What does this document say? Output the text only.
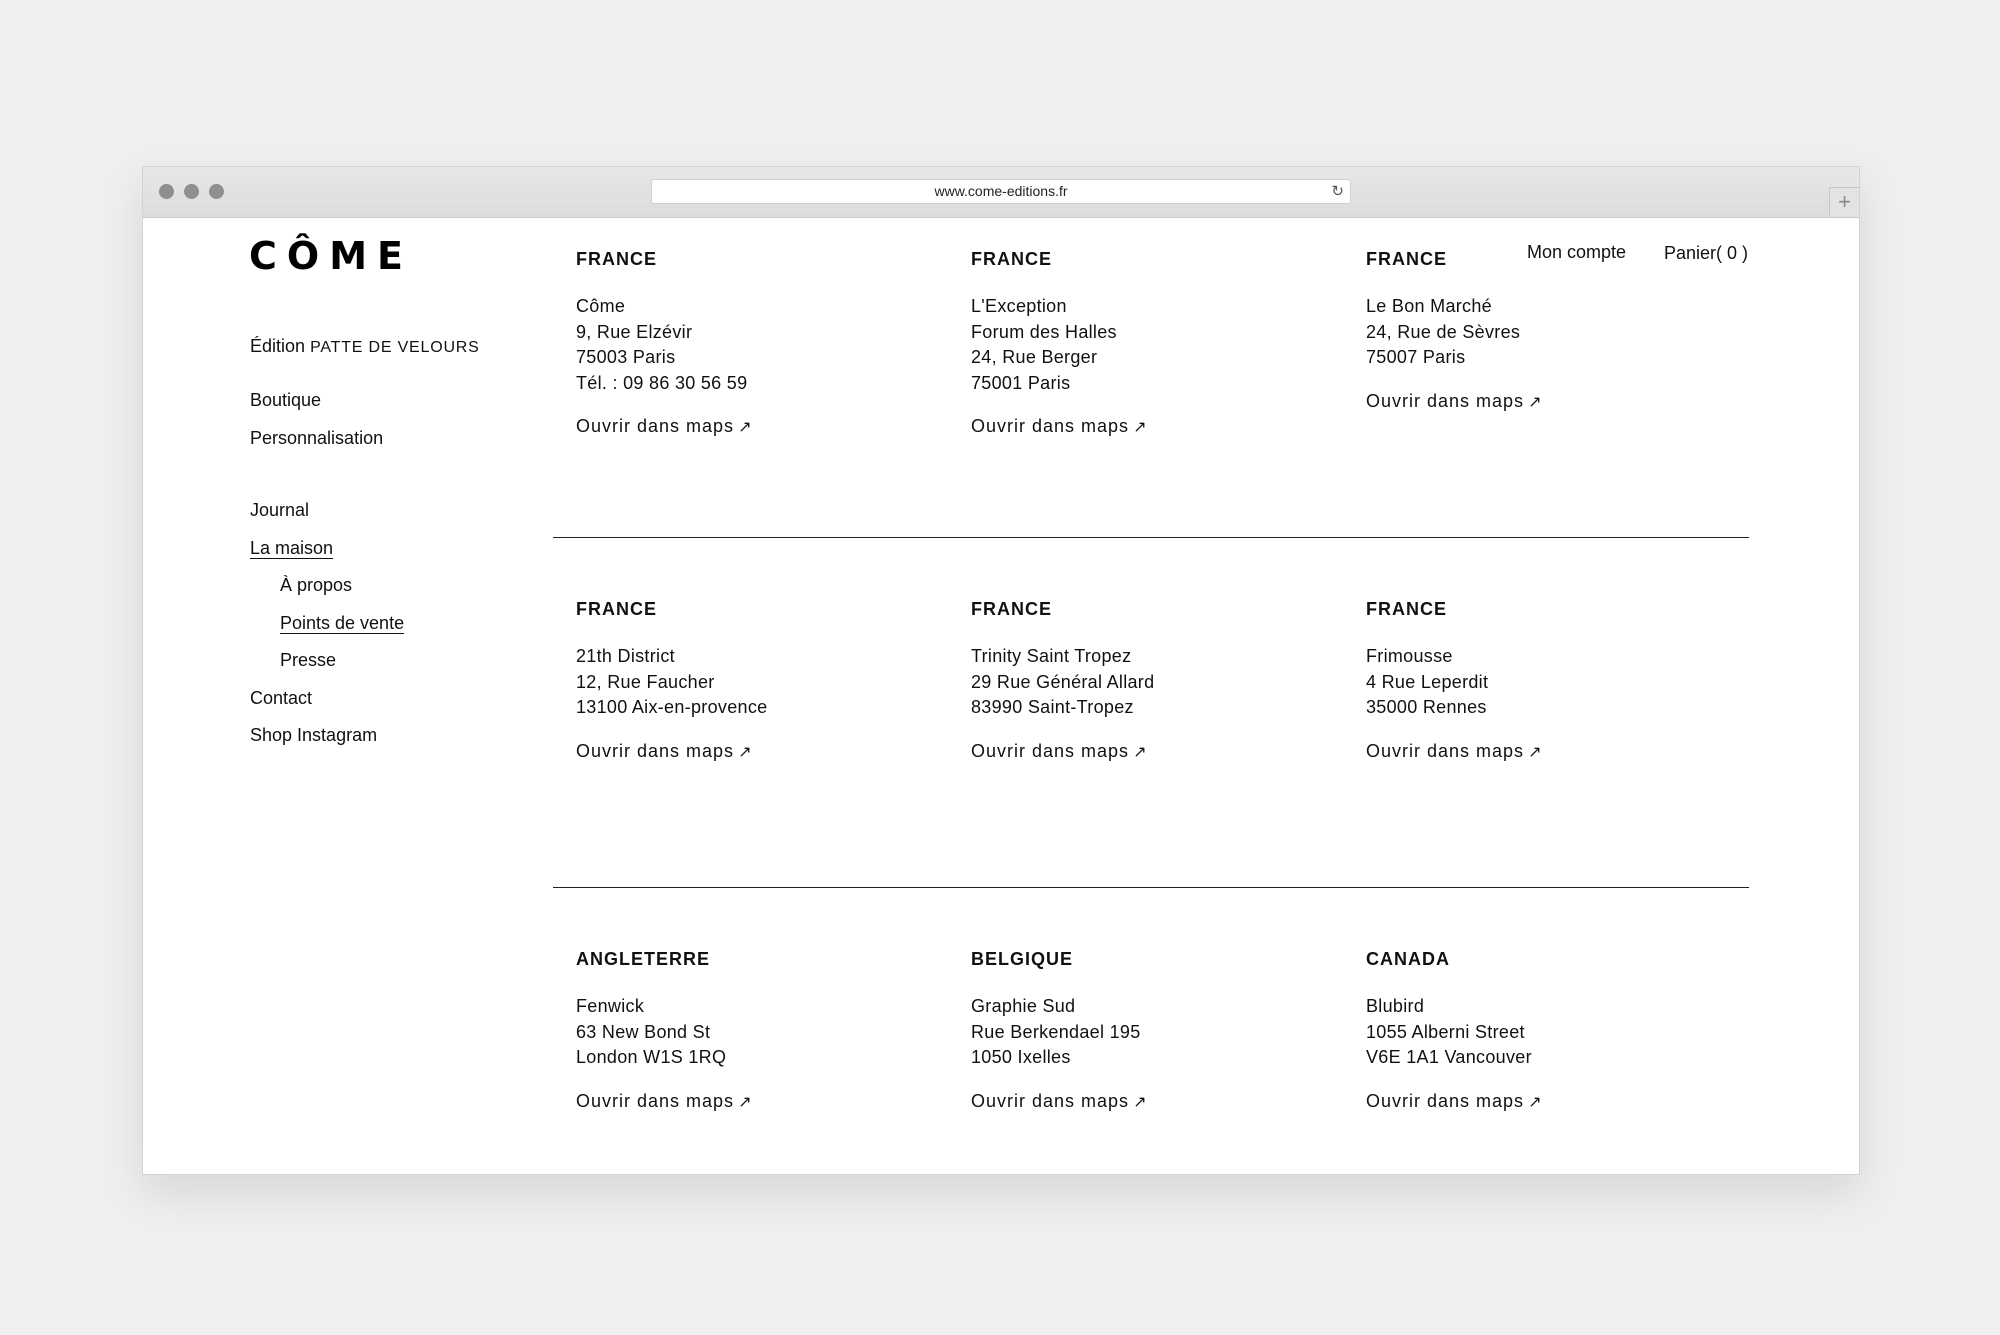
www.come-editions.fr	↻	+
CÔME
Édition PATTE DE VELOURS
Boutique
Personnalisation
Journal
La maison
À propos
Points de vente
Presse
Contact
Shop Instagram
Mon compte Panier( 0 )
FRANCE
Côme
9, Rue Elzévir
75003 Paris
Tél. : 09 86 30 56 59
Ouvrir dans maps ↗
FRANCE
L'Exception
Forum des Halles
24, Rue Berger
75001 Paris
Ouvrir dans maps ↗
FRANCE
Le Bon Marché
24, Rue de Sèvres
75007 Paris
Ouvrir dans maps ↗
FRANCE
21th District
12, Rue Faucher
13100 Aix-en-provence
Ouvrir dans maps ↗
FRANCE
Trinity Saint Tropez
29 Rue Général Allard
83990 Saint-Tropez
Ouvrir dans maps ↗
FRANCE
Frimousse
4 Rue Leperdit
35000 Rennes
Ouvrir dans maps ↗
ANGLETERRE
Fenwick
63 New Bond St
London W1S 1RQ
Ouvrir dans maps ↗
BELGIQUE
Graphie Sud
Rue Berkendael 195
1050 Ixelles
Ouvrir dans maps ↗
CANADA
Blubird
1055 Alberni Street
V6E 1A1 Vancouver
Ouvrir dans maps ↗
